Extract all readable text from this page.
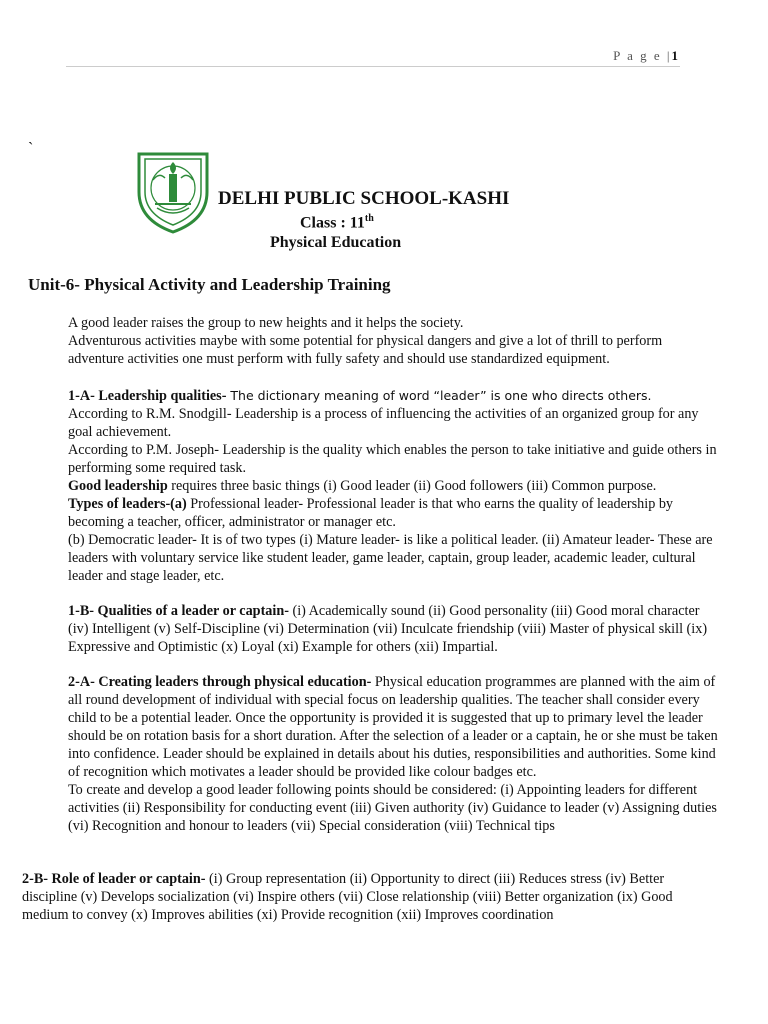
P a g e |1
`
DELHI PUBLIC SCHOOL-KASHI
Class : 11th
Physical Education
Unit-6- Physical Activity and Leadership Training

A good leader raises the group to new heights and it helps the society.

Adventurous activities maybe with some potential for physical dangers and give a lot of thrill to perform adventure activities one must perform with fully safety and should use standardized equipment.

1-A- Leadership qualities- The dictionary meaning of word “leader” is one who directs others.

According to R.M. Snodgill- Leadership is a process of influencing the activities of an organized group for any goal achievement.

According to P.M. Joseph- Leadership is the quality which enables the person to take initiative and guide others in performing some required task.

Good leadership requires three basic things (i) Good leader (ii) Good followers (iii) Common purpose.

Types of leaders-(a) Professional leader- Professional leader is that who earns the quality of leadership by becoming a teacher, officer, administrator or manager etc.

(b) Democratic leader- It is of two types (i) Mature leader- is like a political leader. (ii) Amateur leader- These are leaders with voluntary service like student leader, game leader, captain, group leader, academic leader, cultural leader and stage leader, etc.

1-B- Qualities of a leader or captain- (i) Academically sound (ii) Good personality (iii) Good moral character (iv) Intelligent (v) Self-Discipline (vi) Determination (vii) Inculcate friendship (viii) Master of physical skill (ix) Expressive and Optimistic (x) Loyal (xi) Example for others (xii) Impartial.

2-A- Creating leaders through physical education- Physical education programmes are planned with the aim of all round development of individual with special focus on leadership qualities. The teacher shall consider every child to be a potential leader. Once the opportunity is provided it is suggested that up to primary level the leader should be on rotation basis for a short duration. After the selection of a leader or a captain, he or she must be taken into confidence. Leader should be explained in details about his duties, responsibilities and authorities. Some kind of recognition which motivates a leader should be provided like colour badges etc.

To create and develop a good leader following points should be considered: (i) Appointing leaders for different activities (ii) Responsibility for conducting event (iii) Given authority (iv) Guidance to leader (v) Assigning duties (vi) Recognition and honour to leaders (vii) Special consideration (viii) Technical tips

2-B- Role of leader or captain- (i) Group representation (ii) Opportunity to direct (iii) Reduces stress (iv) Better discipline (v) Develops socialization (vi) Inspire others (vii) Close relationship (viii) Better organization (ix) Good medium to convey (x) Improves abilities (xi) Provide recognition (xii) Improves coordination
